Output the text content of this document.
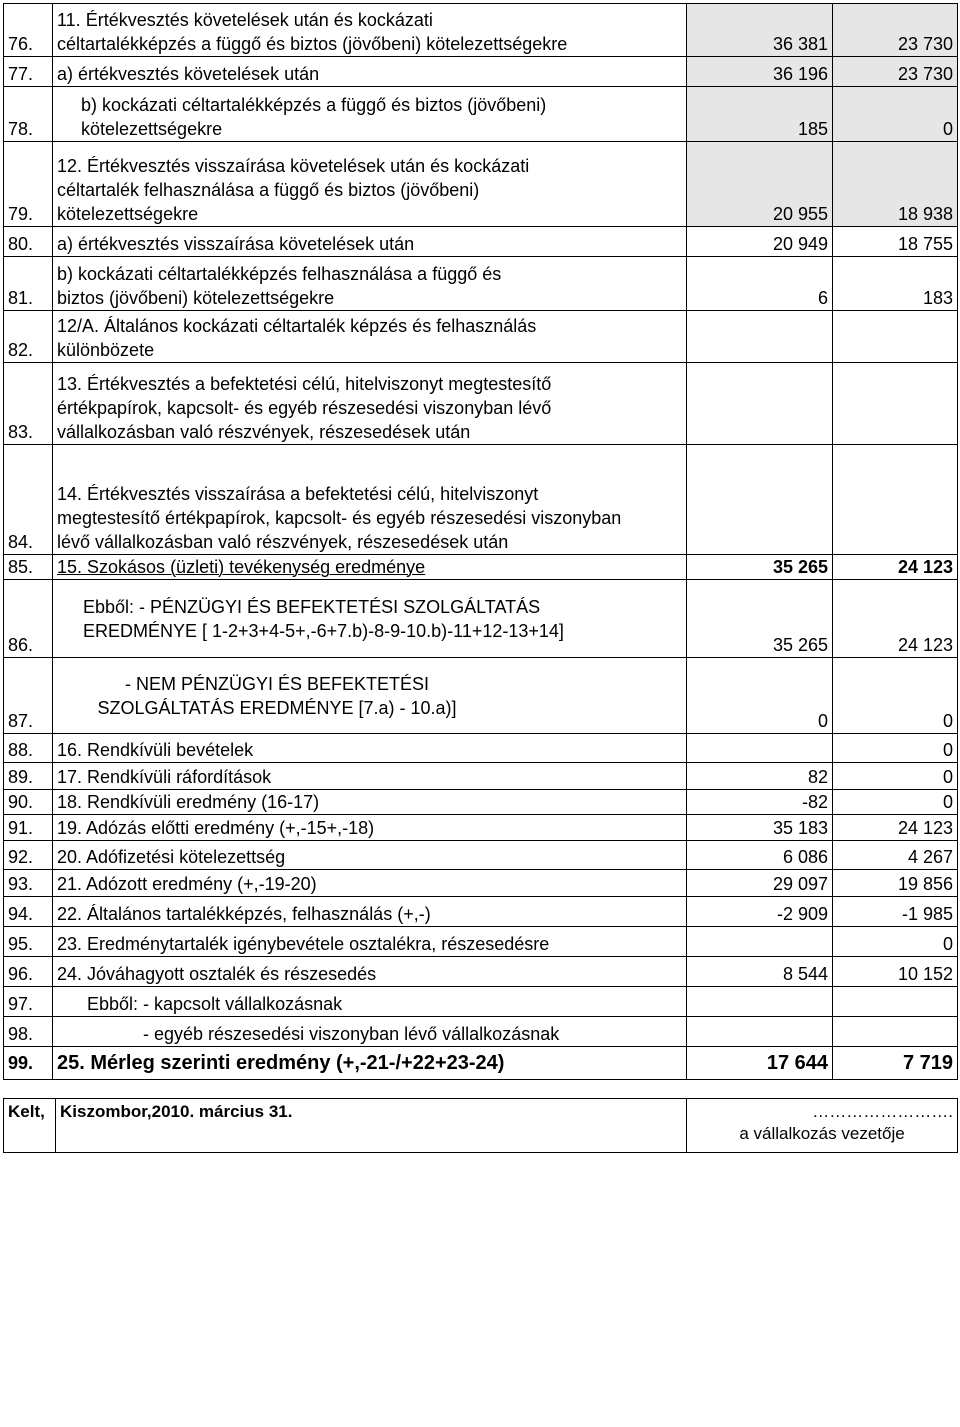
76.	11. Értékvesztés követelések után és kockázati
céltartalékképzés a függő és biztos (jövőbeni) kötelezettségekre	36 381	23 730
77.	a) értékvesztés követelések után	36 196	23 730
78.	b) kockázati céltartalékképzés a függő és biztos (jövőbeni)
kötelezettségekre	185	0
79.	12. Értékvesztés visszaírása követelések után és kockázati
céltartalék felhasználása a függő és biztos (jövőbeni)
kötelezettségekre	20 955	18 938
80.	a) értékvesztés visszaírása követelések után	20 949	18 755
81.	b) kockázati céltartalékképzés felhasználása a függő és
biztos (jövőbeni) kötelezettségekre	6	183
82.	12/A. Általános kockázati céltartalék képzés és felhasználás
különbözete		
83.	13. Értékvesztés a befektetési célú, hitelviszonyt megtestesítő
értékpapírok, kapcsolt- és egyéb részesedési viszonyban lévő
vállalkozásban való részvények, részesedések után		
84.	14. Értékvesztés visszaírása a befektetési célú, hitelviszonyt
megtestesítő értékpapírok, kapcsolt- és egyéb részesedési viszonyban
lévő vállalkozásban való részvények, részesedések után		
85.	15. Szokásos (üzleti) tevékenység eredménye	35 265	24 123
86.	Ebből: - PÉNZÜGYI ÉS BEFEKTETÉSI SZOLGÁLTATÁS
EREDMÉNYE [ 1-2+3+4-5+,-6+7.b)-8-9-10.b)-11+12-13+14]	35 265	24 123
87.	- NEM PÉNZÜGYI ÉS BEFEKTETÉSI
SZOLGÁLTATÁS EREDMÉNYE [7.a) - 10.a)]	0	0
88.	16. Rendkívüli bevételek		0
89.	17. Rendkívüli ráfordítások	82	0
90.	18. Rendkívüli eredmény (16-17)	-82	0
91.	19. Adózás előtti eredmény (+,-15+,-18)	35 183	24 123
92.	20. Adófizetési kötelezettség	6 086	4 267
93.	21. Adózott eredmény (+,-19-20)	29 097	19 856
94.	22. Általános tartalékképzés, felhasználás (+,-)	-2 909	-1 985
95.	23. Eredménytartalék igénybevétele osztalékra, részesedésre		0
96.	24. Jóváhagyott osztalék és részesedés	8 544	10 152
97.	Ebből: - kapcsolt vállalkozásnak		
98.	- egyéb részesedési viszonyban lévő vállalkozásnak		
99.	25. Mérleg szerinti eredmény (+,-21-/+22+23-24)	17 644	7 719
Kelt,	Kiszombor,2010. március 31.	…………………….
a vállalkozás vezetője
